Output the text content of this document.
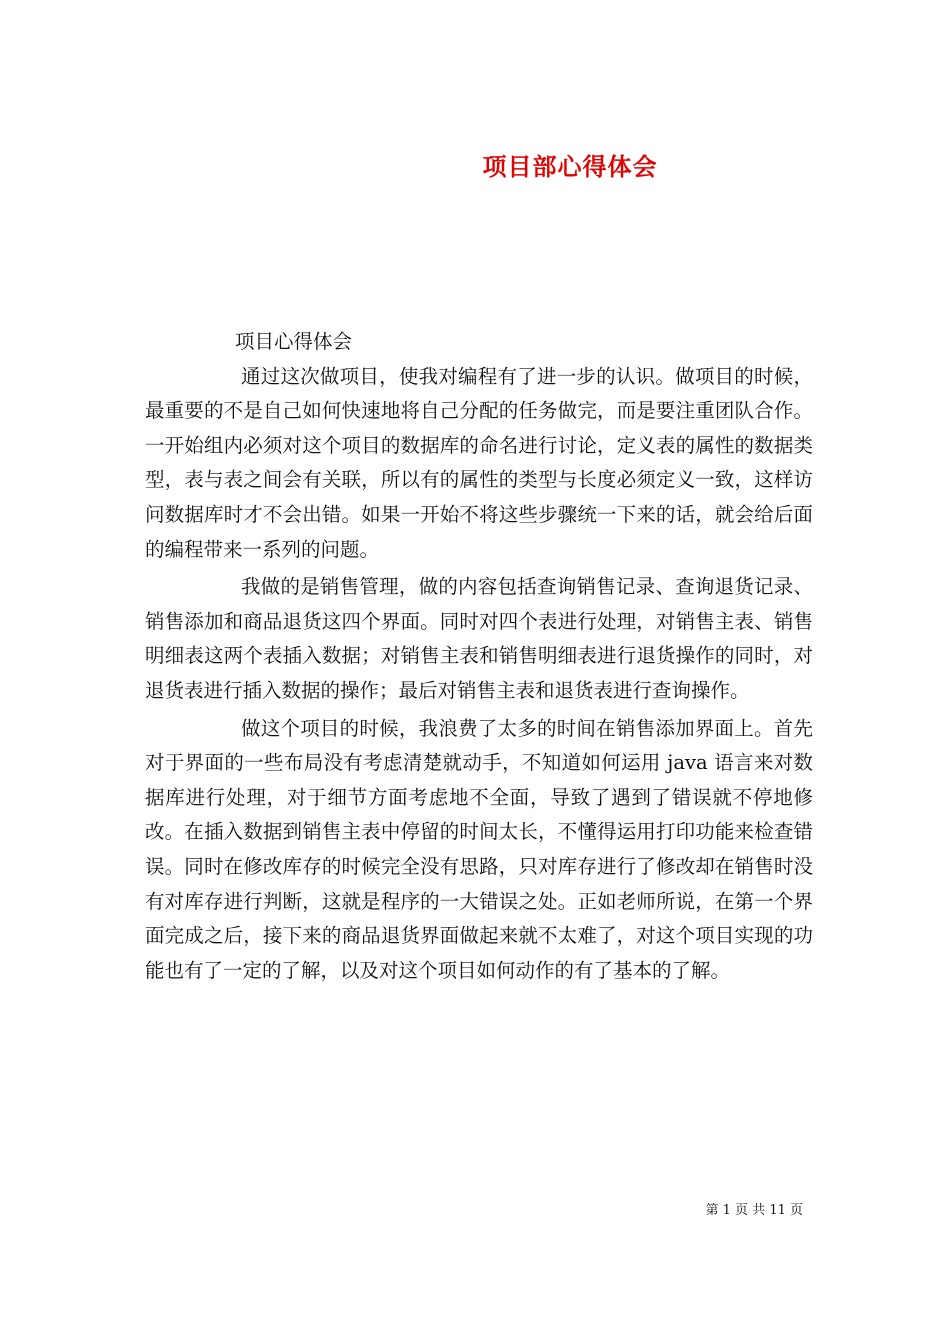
项目部心得体会

项目心得体会

通过这次做项目，使我对编程有了进一步的认识。做项目的时候，最重要的不是自己如何快速地将自己分配的任务做完，而是要注重团队合作。一开始组内必须对这个项目的数据库的命名进行讨论，定义表的属性的数据类型，表与表之间会有关联，所以有的属性的类型与长度必须定义一致，这样访问数据库时才不会出错。如果一开始不将这些步骤统一下来的话，就会给后面的编程带来一系列的问题。

我做的是销售管理，做的内容包括查询销售记录、查询退货记录、销售添加和商品退货这四个界面。同时对四个表进行处理，对销售主表、销售明细表这两个表插入数据；对销售主表和销售明细表进行退货操作的同时，对退货表进行插入数据的操作；最后对销售主表和退货表进行查询操作。

做这个项目的时候，我浪费了太多的时间在销售添加界面上。首先对于界面的一些布局没有考虑清楚就动手，不知道如何运用 java 语言来对数据库进行处理，对于细节方面考虑地不全面，导致了遇到了错误就不停地修改。在插入数据到销售主表中停留的时间太长，不懂得运用打印功能来检查错误。同时在修改库存的时候完全没有思路，只对库存进行了修改却在销售时没有对库存进行判断，这就是程序的一大错误之处。正如老师所说，在第一个界面完成之后，接下来的商品退货界面做起来就不太难了，对这个项目实现的功能也有了一定的了解，以及对这个项目如何动作的有了基本的了解。

第 1 页 共 11 页
